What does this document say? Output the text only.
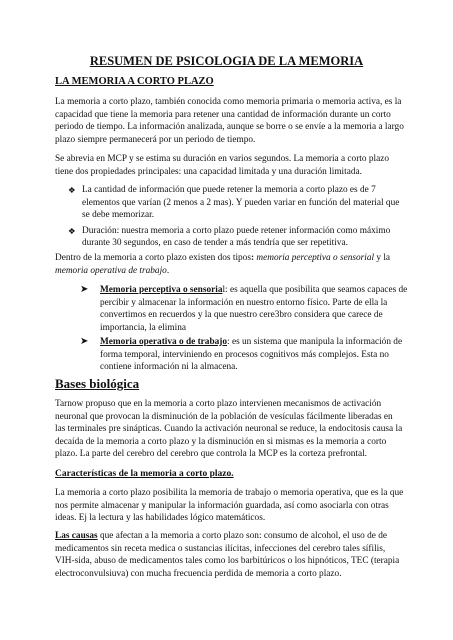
RESUMEN DE PSICOLOGIA DE LA MEMORIA
LA MEMORIA A CORTO PLAZO

La memoria a corto plazo, también conocida como memoria primaria o memoria activa, es la capacidad que tiene la memoria para retener una cantidad de información durante un corto periodo de tiempo. La información analizada, aunque se borre o se envíe a la memoria a largo plazo siempre permanecerá por un periodo de tiempo.

Se abrevia en MCP y se estima su duración en varios segundos. La memoria a corto plazo tiene dos propiedades principales: una capacidad limitada y una duración limitada.

❖ La cantidad de información que puede retener la memoria a corto plazo es de 7 elementos que varían (2 menos a 2 mas). Y pueden variar en función del material que se debe memorizar.
❖ Duración: nuestra memoria a corto plazo puede retener información como máximo durante 30 segundos, en caso de tender a más tendría que ser repetitiva.

Dentro de la memoria a corto plazo existen dos tipos: memoria perceptiva o sensorial y la memoria operativa de trabajo.

➤ Memoria perceptiva o sensorial: es aquella que posibilita que seamos capaces de percibir y almacenar la información en nuestro entorno físico. Parte de ella la convertimos en recuerdos y la que nuestro cere3bro considera que carece de importancia, la elimina
➤ Memoria operativa o de trabajo: es un sistema que manipula la información de forma temporal, interviniendo en procesos cognitivos más complejos. Esta no contiene información ni la almacena.
Bases biológica

Tarnow propuso que en la memoria a corto plazo intervienen mecanismos de activación neuronal que provocan la disminución de la población de vesículas fácilmente liberadas en las terminales pre sinápticas. Cuando la activación neuronal se reduce, la endocitosis causa la decaída de la memoria a corto plazo y la disminución en si mismas es la memoria a corto plazo. La parte del cerebro del cerebro que controla la MCP es la corteza prefrontal.

Características de la memoria a corto plazo.

La memoria a corto plazo posibilita la memoria de trabajo o memoria operativa, que es la que nos permite almacenar y manipular la información guardada, así como asociarla con otras ideas. Ej la lectura y las habilidades lógico matemáticos.

Las causas que afectan a la memoria a corto plazo son: consumo de alcohol, el uso de de medicamentos sin receta medica o sustancias ilícitas, infecciones del cerebro tales sífilis, VIH-sida, abuso de medicamentos tales como los barbitúricos o los hipnóticos, TEC (terapia electroconvulsiuva) con mucha frecuencia perdida de memoria a corto plazo.
